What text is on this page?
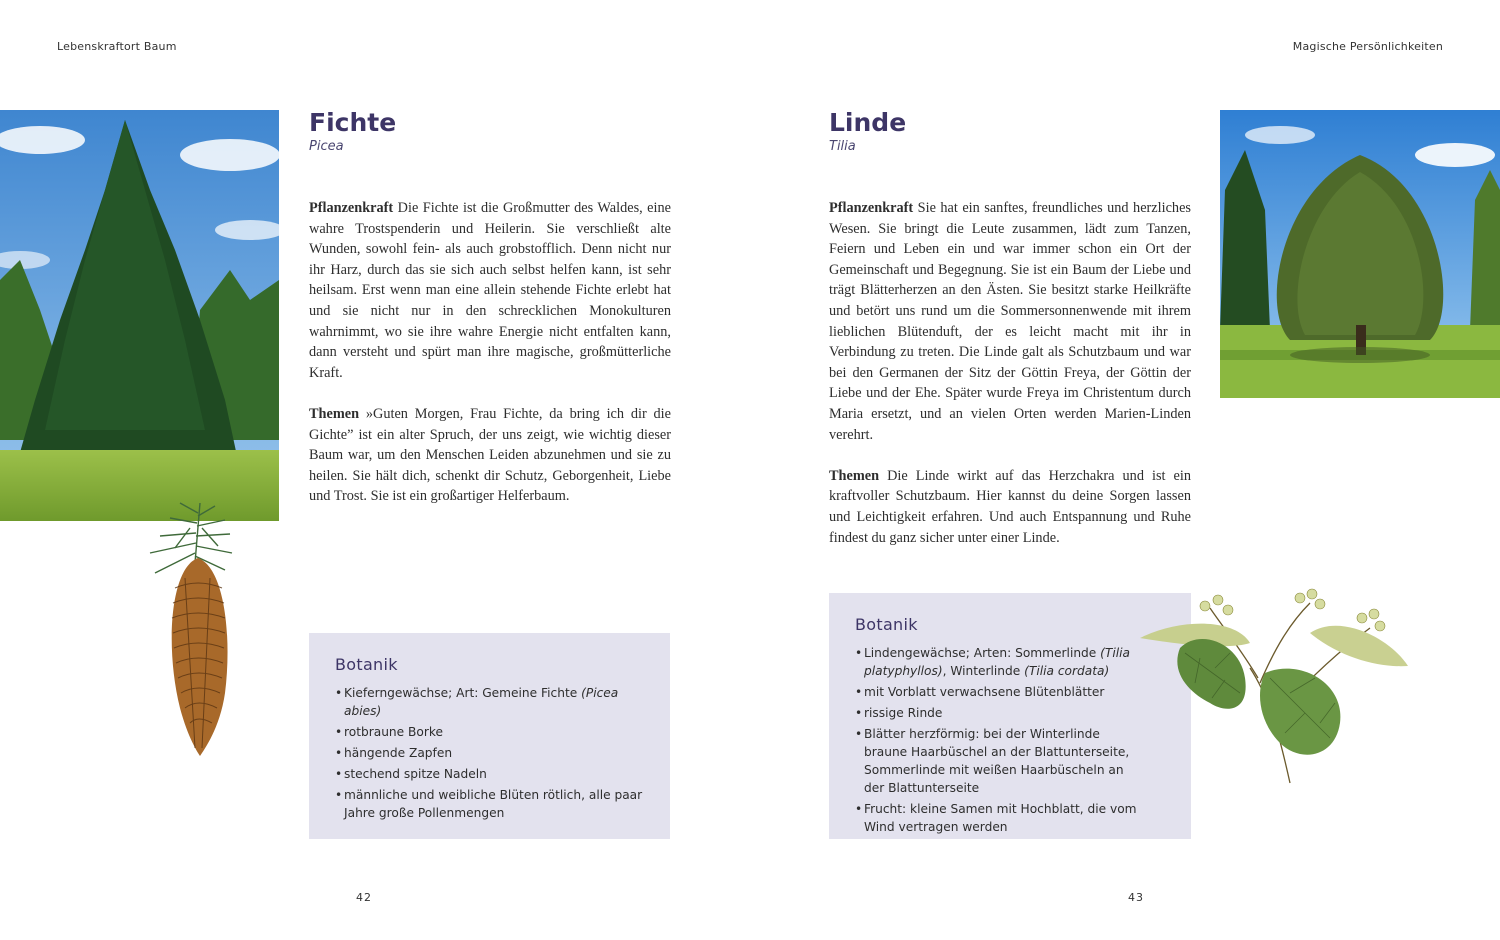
Lebenskraftort Baum	Magische Persönlichkeiten
Fichte
Picea

Pflanzenkraft Die Fichte ist die Großmutter des Waldes, eine wahre Trostspenderin und Heilerin. Sie verschließt alte Wunden, sowohl fein- als auch grobstofflich. Denn nicht nur ihr Harz, durch das sie sich auch selbst helfen kann, ist sehr heilsam. Erst wenn man eine allein stehende Fichte erlebt hat und sie nicht nur in den schrecklichen Monokulturen wahrnimmt, wo sie ihre wahre Energie nicht entfalten kann, dann versteht und spürt man ihre magische, großmütterliche Kraft.

Themen »Guten Morgen, Frau Fichte, da bring ich dir die Gichte” ist ein alter Spruch, der uns zeigt, wie wichtig dieser Baum war, um den Menschen Leiden abzunehmen und sie zu heilen. Sie hält dich, schenkt dir Schutz, Geborgenheit, Liebe und Trost. Sie ist ein großartiger Helferbaum.

Botanik
• Kieferngewächse; Art: Gemeine Fichte (Picea abies)
• rotbraune Borke
• hängende Zapfen
• stechend spitze Nadeln
• männliche und weibliche Blüten rötlich, alle paar Jahre große Pollenmengen
42
Linde
Tilia

Pflanzenkraft Sie hat ein sanftes, freundliches und herzliches Wesen. Sie bringt die Leute zusammen, lädt zum Tanzen, Feiern und Leben ein und war immer schon ein Ort der Gemeinschaft und Begegnung. Sie ist ein Baum der Liebe und trägt Blätterherzen an den Ästen. Sie besitzt starke Heilkräfte und betört uns rund um die Sommersonnenwende mit ihrem lieblichen Blütenduft, der es leicht macht mit ihr in Verbindung zu treten. Die Linde galt als Schutzbaum und war bei den Germanen der Sitz der Göttin Freya, der Göttin der Liebe und der Ehe. Später wurde Freya im Christentum durch Maria ersetzt, und an vielen Orten werden Marien-Linden verehrt.

Themen Die Linde wirkt auf das Herzchakra und ist ein kraftvoller Schutzbaum. Hier kannst du deine Sorgen lassen und Leichtigkeit erfahren. Und auch Entspannung und Ruhe findest du ganz sicher unter einer Linde.

Botanik
• Lindengewächse; Arten: Sommerlinde (Tilia platyphyllos), Winterlinde (Tilia cordata)
• mit Vorblatt verwachsene Blütenblätter
• rissige Rinde
• Blätter herzförmig: bei der Winterlinde braune Haarbüschel an der Blattunterseite, Sommerlinde mit weißen Haarbüscheln an der Blattunterseite
• Frucht: kleine Samen mit Hochblatt, die vom Wind vertragen werden
43
